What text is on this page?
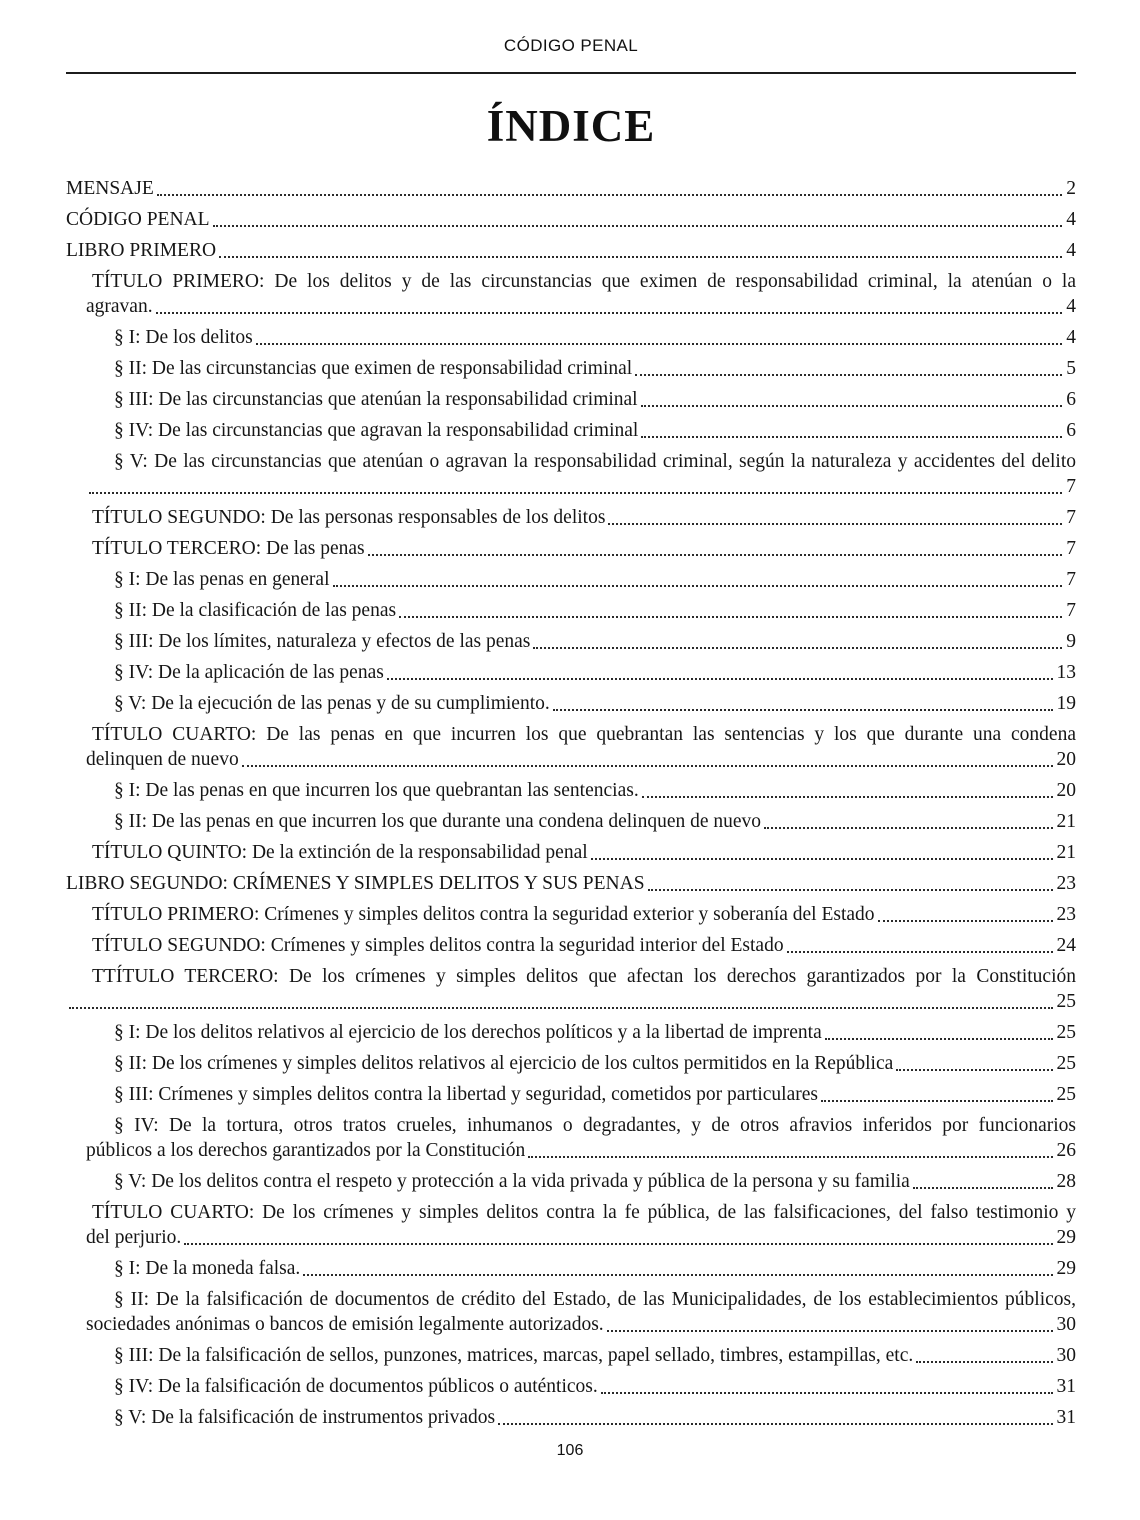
CÓDIGO PENAL
ÍNDICE
MENSAJE	2
CÓDIGO PENAL	4
LIBRO PRIMERO	4
TÍTULO PRIMERO: De los delitos y de las circunstancias que eximen de responsabilidad criminal, la atenúan o la
agravan.	4
§ I: De los delitos	4
§ II: De las circunstancias que eximen de responsabilidad criminal	5
§ III: De las circunstancias que atenúan la responsabilidad criminal	6
§ IV: De las circunstancias que agravan la responsabilidad criminal	6
§ V: De las circunstancias que atenúan o agravan la responsabilidad criminal, según la naturaleza y accidentes del delito
7
TÍTULO SEGUNDO: De las personas responsables de los delitos	7
TÍTULO TERCERO: De las penas	7
§ I: De las penas en general	7
§ II: De la clasificación de las penas	7
§ III: De los límites, naturaleza y efectos de las penas	9
§ IV: De la aplicación de las penas	13
§ V: De la ejecución de las penas y de su cumplimiento.	19
TÍTULO CUARTO: De las penas en que incurren los que quebrantan las sentencias y los que durante una condena
delinquen de nuevo	20
§ I: De las penas en que incurren los que quebrantan las sentencias.	20
§ II: De las penas en que incurren los que durante una condena delinquen de nuevo	21
TÍTULO QUINTO: De la extinción de la responsabilidad penal	21
LIBRO SEGUNDO: CRÍMENES Y SIMPLES DELITOS Y SUS PENAS	23
TÍTULO PRIMERO: Crímenes y simples delitos contra la seguridad exterior y soberanía del Estado	23
TÍTULO SEGUNDO: Crímenes y simples delitos contra la seguridad interior del Estado	24
TTÍTULO TERCERO: De los crímenes y simples delitos que afectan los derechos garantizados por la Constitución
25
§ I: De los delitos relativos al ejercicio de los derechos políticos y a la libertad de imprenta	25
§ II: De los crímenes y simples delitos relativos al ejercicio de los cultos permitidos en la República	25
§ III: Crímenes y simples delitos contra la libertad y seguridad, cometidos por particulares	25
§ IV: De la tortura, otros tratos crueles, inhumanos o degradantes, y de otros afravios inferidos por funcionarios
públicos a los derechos garantizados por la Constitución	26
§ V: De los delitos contra el respeto y protección a la vida privada y pública de la persona y su familia	28
TÍTULO CUARTO: De los crímenes y simples delitos contra la fe pública, de las falsificaciones, del falso testimonio y
del perjurio.	29
§ I: De la moneda falsa.	29
§ II: De la falsificación de documentos de crédito del Estado, de las Municipalidades, de los establecimientos públicos,
sociedades anónimas o bancos de emisión legalmente autorizados.	30
§ III: De la falsificación de sellos, punzones, matrices, marcas, papel sellado, timbres, estampillas, etc.	30
§ IV: De la falsificación de documentos públicos o auténticos.	31
§ V: De la falsificación de instrumentos privados	31
106
